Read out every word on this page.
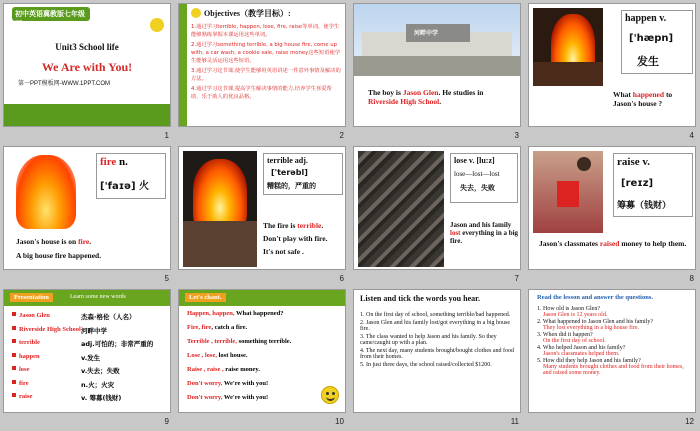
初中英语冀教版七年级下
Unit3 School life
We Are with You!
第一PPT模板网-WWW.1PPT.COM
1
Objectives（教学目标）:
1.通过学习terrible, happen, lose, fire, raise等单词，使学生能够熟练掌握本课运用这些单词。
2.通过学习something terrible, a big house fire, come up with, a car wash, a cookie sale, raise money这些短语使学生能够灵活运用这些短语。
3.通过学习这节课,使学生能够用英语讲述一件意外事情及解决的方法。
4.通过学习这节课,提高学生解决事情的能力,培养学生喜爱帮助、乐于助人的优良品格。
2
河畔中学
The boy is Jason Glen. He studies in Riverside High School.
3
happen v.
['hæpn]
发生
What happened to Jason's house ?
4
fire n.
['faɪə] 火
Jason's house is on fire.
A big house fire happened.
5
terrible adj.
['terəbl]
糟糕的，严重的
The fire is terrible.
Don't play with fire.
It's not safe .
6
lose v. [lu:z]
lose—lost—lost
失去，失败
Jason and his family lost everything in a big fire.
7
raise v.
[reɪz]
筹募（钱财）
Jason's classmates raised money to help them.
8
Presentation	Learn some new words
Jason Glen	杰森·格伦（人名）
Riverside High School 河畔中学
terrible	adj.可怕的；非常严重的
happen	v.发生
lose	v.失去；失败
fire	n.火；火灾
raise	v. 筹募(钱财)
9
Let's chant.
Happen, happen, What happened?
Fire, fire, catch a fire.
Terrible , terrible, something terrible.
Lose , lose, lost house.
Raise , raise , raise money.
Don't worry, We're with you!
Don't worry, We're with you!
10
Listen and tick the words you hear.
1. On the first day of school, something terrible/bad happened.
2. Jason Glen and his family lost/got everything in a big house fire.
3. The class wanted to help Jason and his family. So they came/caught up with a plan.
4. The next day, many students brought/bought clothes and food from their homes.
5. In just three days, the school raised/collected $1200.
11
Read the lesson and answer the questions.
1. How old is Jason Glen?
Jason Glen is 12 years old.
2. What happened to Jason Glen and his family?
They lost everything in a big house fire.
3. When did it happen?
On the first day of school.
4. Who helped Jason and his family?
Jason's classmates helped them.
5. How did they help Jason and his family?
Many students brought clothes and food from their homes, and raised some money.
12
